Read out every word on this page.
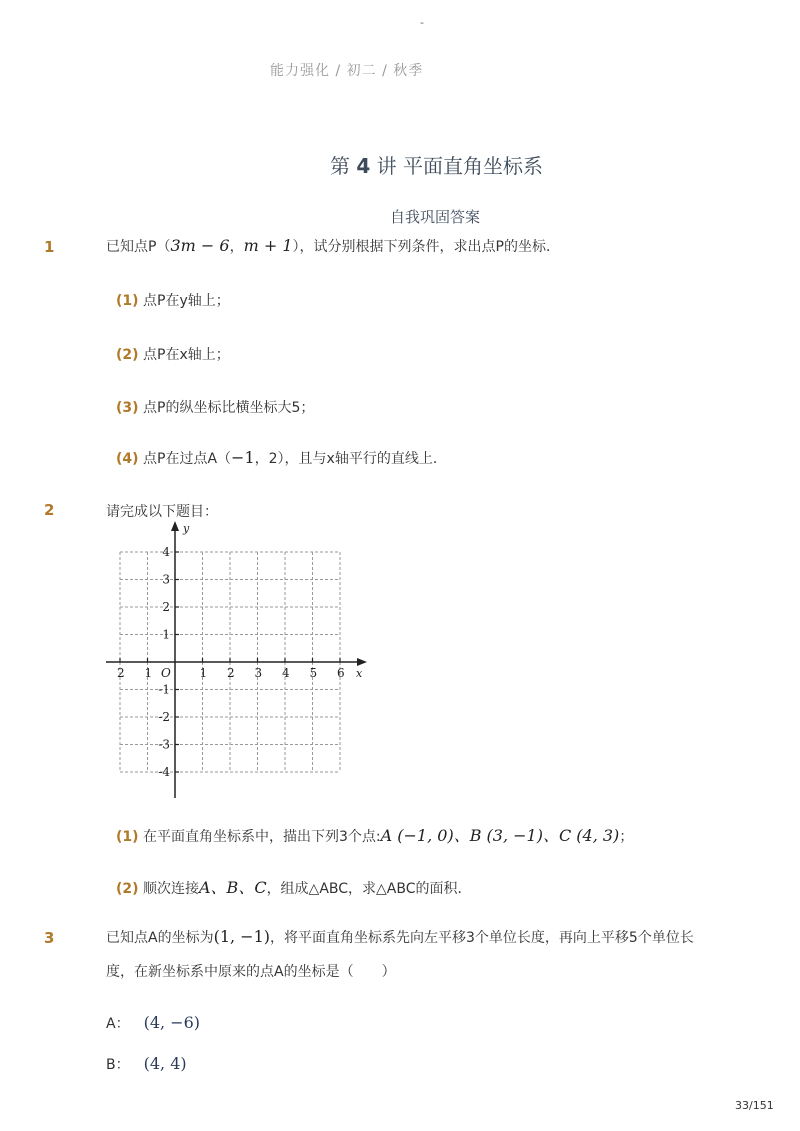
-
能力强化 / 初二 / 秋季
第 4 讲 平面直角坐标系
自我巩固答案
1	已知点P（3m − 6，m + 1），试分别根据下列条件，求出点P的坐标．
(1) 点P在y轴上；
(2) 点P在x轴上；
(3) 点P的纵坐标比横坐标大5；
(4) 点P在过点A（−1，2），且与x轴平行的直线上．
2	请完成以下题目：
2 1	1 2 3 4 5 6
4
3
2
1
-1
-2
-3
-4
O	x
y
(1) 在平面直角坐标系中，描出下列3个点:A (−1, 0)、B (3, −1)、C (4, 3)；
(2) 顺次连接A、B、C，组成△ABC，求△ABC的面积．
3	已知点A的坐标为(1, −1)，将平面直角坐标系先向左平移3个单位长度，再向上平移5个单位长
度，在新坐标系中原来的点A的坐标是（　　）
A： (4, −6)
B： (4, 4)
33/151
